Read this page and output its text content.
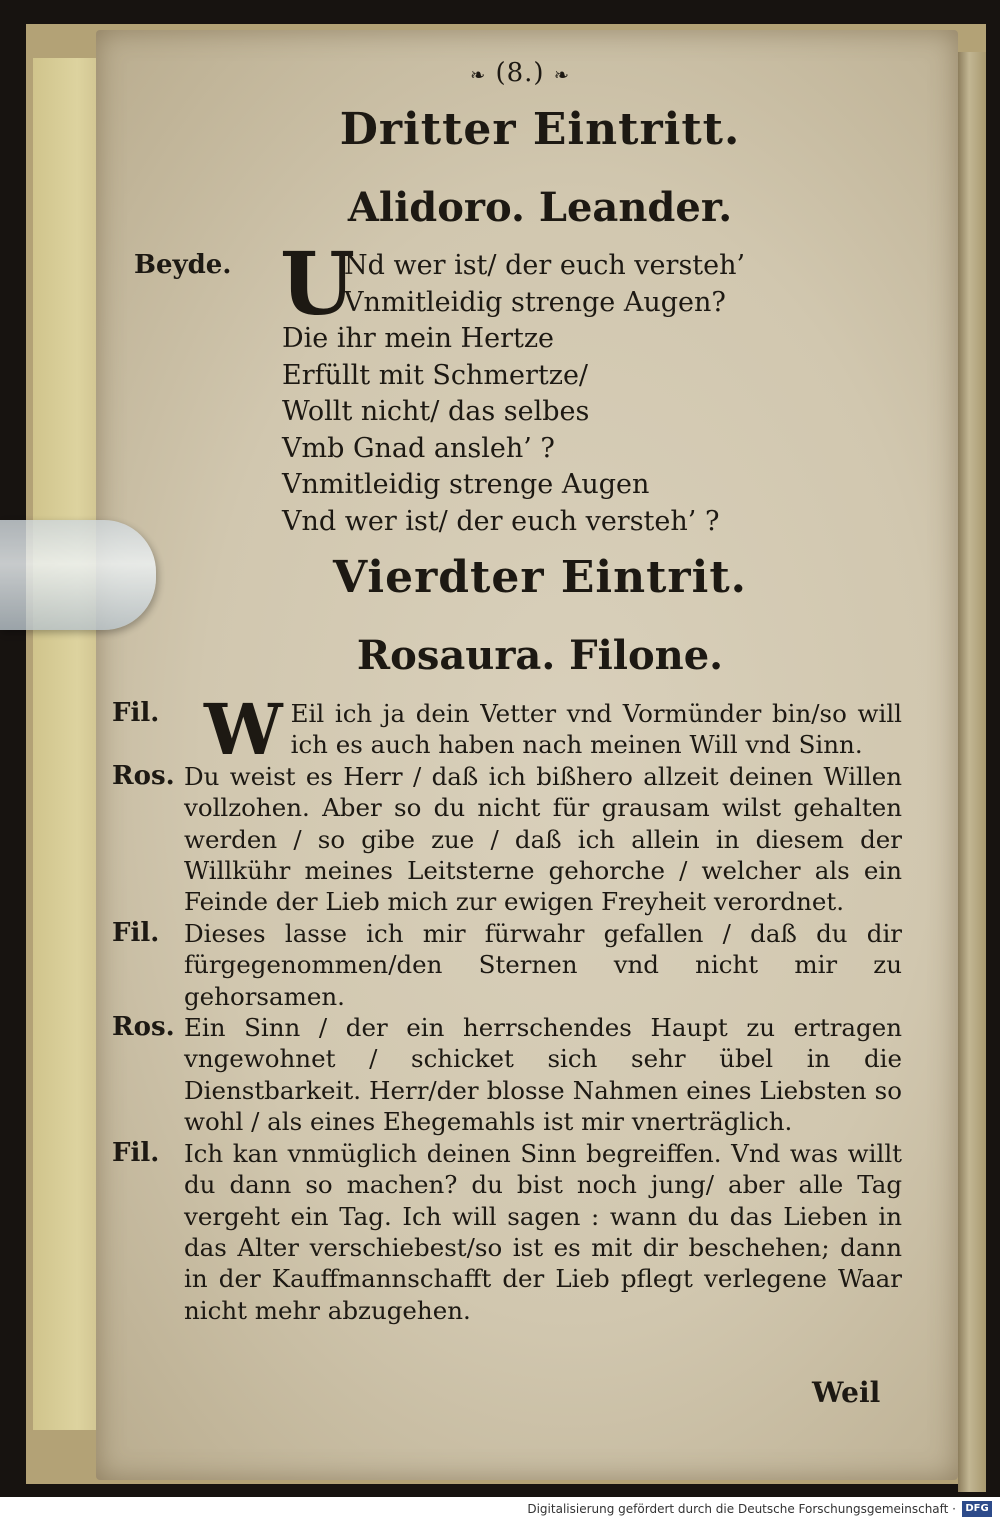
❧ (8.) ❧
Dritter Eintritt.
Alidoro. Leander.
Beyde. U
Nd wer ist/ der euch versteh’
Vnmitleidig strenge Augen?
Die ihr mein Hertze
Erfüllt mit Schmertze/
Wollt nicht/ das selbes
Vmb Gnad ansleh’ ?
Vnmitleidig strenge Augen
Vnd wer ist/ der euch versteh’ ?
Vierdter Eintrit.
Rosaura. Filone.
Fil. W Eil ich ja dein Vetter vnd Vormünder bin/so will ich es auch haben nach meinen Will vnd Sinn.
Ros. Du weist es Herr / daß ich bißhero allzeit deinen Willen vollzohen. Aber so du nicht für grausam wilst gehalten werden / so gibe zue / daß ich allein in diesem der Willkühr meines Leitsterne gehorche / welcher als ein Feinde der Lieb mich zur ewigen Freyheit verordnet.
Fil. Dieses lasse ich mir fürwahr gefallen / daß du dir fürgegenommen/den Sternen vnd nicht mir zu gehorsamen.
Ros. Ein Sinn / der ein herrschendes Haupt zu ertragen vngewohnet / schicket sich sehr übel in die Dienstbarkeit. Herr/der blosse Nahmen eines Liebsten so wohl / als eines Ehegemahls ist mir vnerträglich.
Fil. Ich kan vnmüglich deinen Sinn begreiffen. Vnd was willt du dann so machen? du bist noch jung/ aber alle Tag vergeht ein Tag. Ich will sagen : wann du das Lieben in das Alter verschiebest/so ist es mit dir beschehen; dann in der Kauffmannschafft der Lieb pflegt verlegene Waar nicht mehr abzugehen.
Weil
Digitalisierung gefördert durch die Deutsche Forschungsgemeinschaft · DFG
